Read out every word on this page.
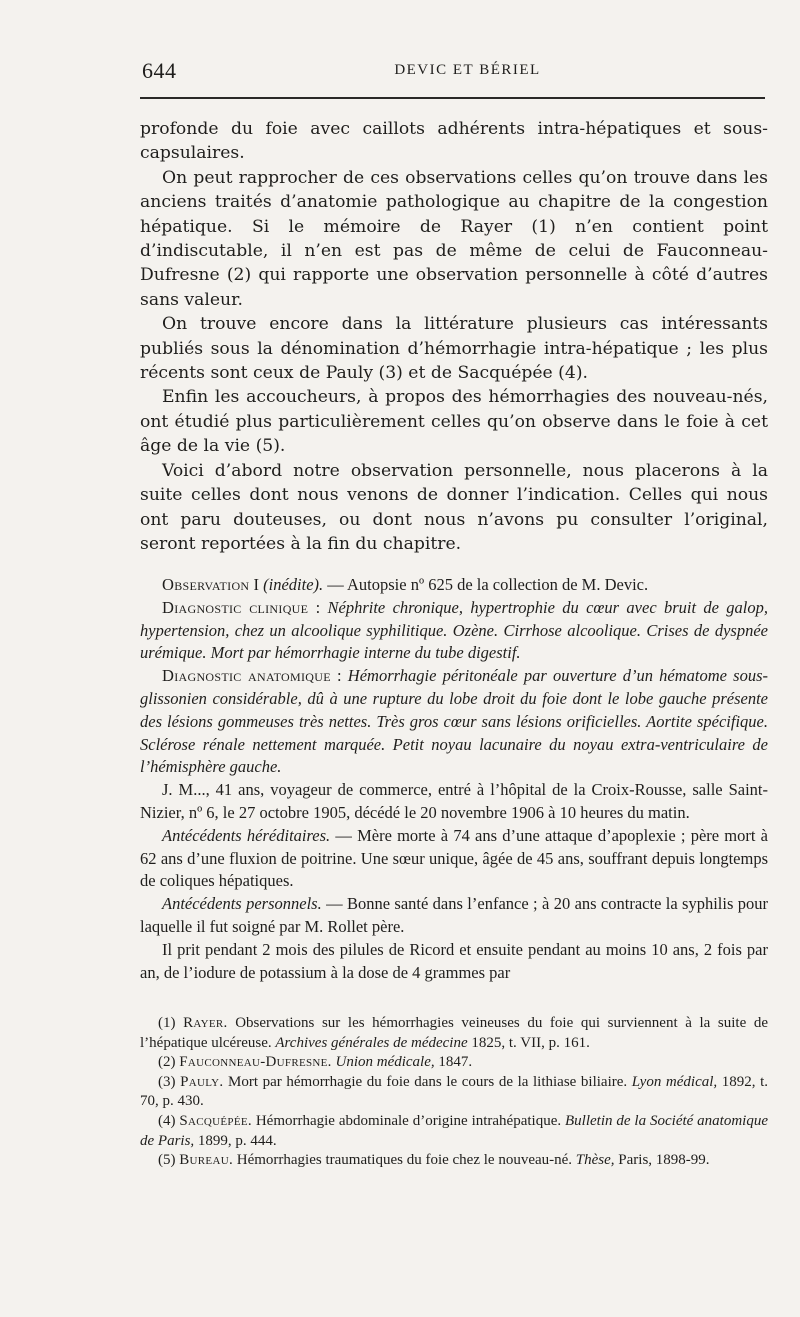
644	DEVIC ET BÉRIEL

profonde du foie avec caillots adhérents intra-hépatiques et sous-capsulaires.

On peut rapprocher de ces observations celles qu’on trouve dans les anciens traités d’anatomie pathologique au chapitre de la congestion hépatique. Si le mémoire de Rayer (1) n’en contient point d’indiscutable, il n’en est pas de même de celui de Fauconneau-Dufresne (2) qui rapporte une observation personnelle à côté d’autres sans valeur.

On trouve encore dans la littérature plusieurs cas intéressants publiés sous la dénomination d’hémorrhagie intra-hépatique ; les plus récents sont ceux de Pauly (3) et de Sacquépée (4).

Enfin les accoucheurs, à propos des hémorrhagies des nouveau-nés, ont étudié plus particulièrement celles qu’on observe dans le foie à cet âge de la vie (5).

Voici d’abord notre observation personnelle, nous placerons à la suite celles dont nous venons de donner l’indication. Celles qui nous ont paru douteuses, ou dont nous n’avons pu consulter l’original, seront reportées à la fin du chapitre.

Observation I (inédite). — Autopsie nº 625 de la collection de M. Devic.

Diagnostic clinique : Néphrite chronique, hypertrophie du cœur avec bruit de galop, hypertension, chez un alcoolique syphilitique. Ozène. Cirrhose alcoolique. Crises de dyspnée urémique. Mort par hémorrhagie interne du tube digestif.

Diagnostic anatomique : Hémorrhagie péritonéale par ouverture d’un hématome sous-glissonien considérable, dû à une rupture du lobe droit du foie dont le lobe gauche présente des lésions gommeuses très nettes. Très gros cœur sans lésions orificielles. Aortite spécifique. Sclérose rénale nettement marquée. Petit noyau lacunaire du noyau extra-ventriculaire de l’hémisphère gauche.

J. M..., 41 ans, voyageur de commerce, entré à l’hôpital de la Croix-Rousse, salle Saint-Nizier, nº 6, le 27 octobre 1905, décédé le 20 novembre 1906 à 10 heures du matin.

Antécédents héréditaires. — Mère morte à 74 ans d’une attaque d’apoplexie ; père mort à 62 ans d’une fluxion de poitrine. Une sœur unique, âgée de 45 ans, souffrant depuis longtemps de coliques hépatiques.

Antécédents personnels. — Bonne santé dans l’enfance ; à 20 ans contracte la syphilis pour laquelle il fut soigné par M. Rollet père.

Il prit pendant 2 mois des pilules de Ricord et ensuite pendant au moins 10 ans, 2 fois par an, de l’iodure de potassium à la dose de 4 grammes par

(1) Rayer. Observations sur les hémorrhagies veineuses du foie qui surviennent à la suite de l’hépatique ulcéreuse. Archives générales de médecine 1825, t. VII, p. 161.

(2) Fauconneau-Dufresne. Union médicale, 1847.

(3) Pauly. Mort par hémorrhagie du foie dans le cours de la lithiase biliaire. Lyon médical, 1892, t. 70, p. 430.

(4) Sacquépée. Hémorrhagie abdominale d’origine intrahépatique. Bulletin de la Société anatomique de Paris, 1899, p. 444.

(5) Bureau. Hémorrhagies traumatiques du foie chez le nouveau-né. Thèse, Paris, 1898-99.
